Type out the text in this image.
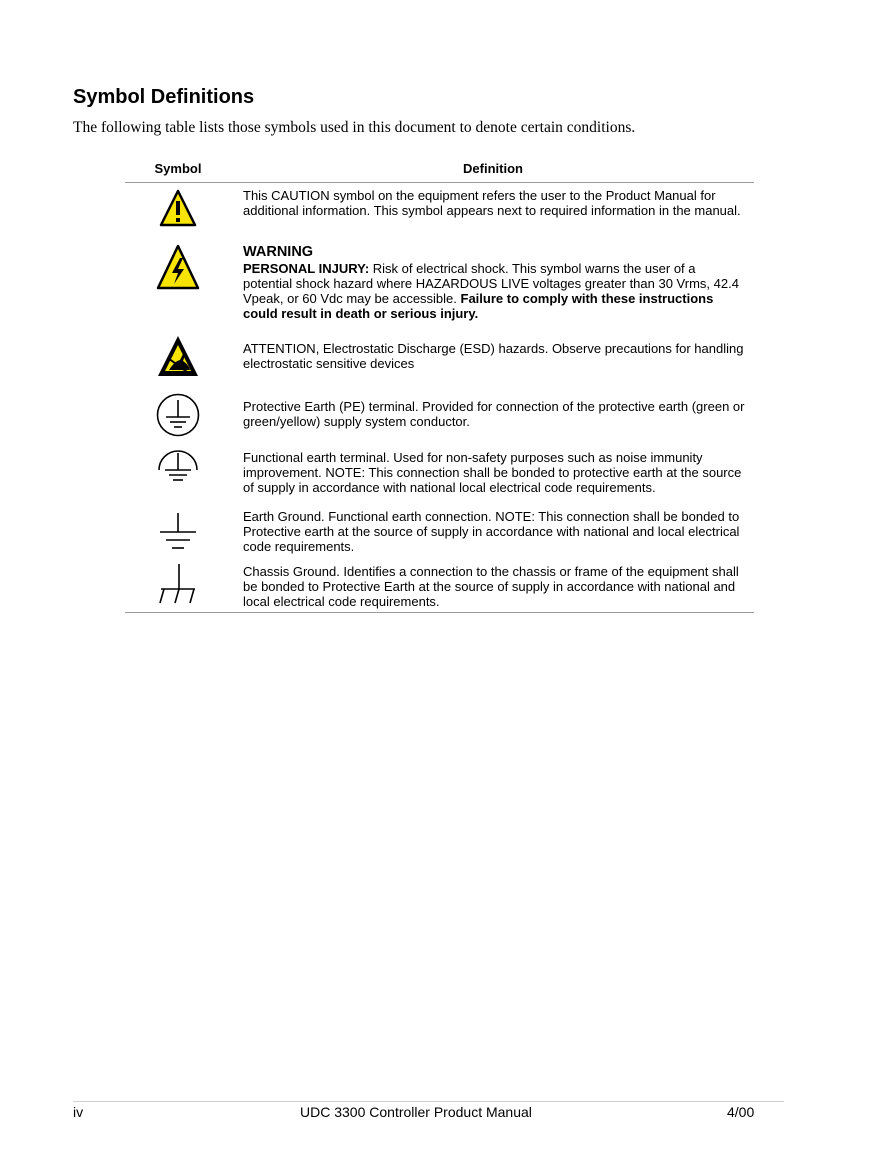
Symbol Definitions

The following table lists those symbols used in this document to denote certain conditions.

Symbol	Definition
This CAUTION symbol on the equipment refers the user to the Product Manual for additional information. This symbol appears next to required information in the manual.
WARNING
PERSONAL INJURY: Risk of electrical shock. This symbol warns the user of a potential shock hazard where HAZARDOUS LIVE voltages greater than 30 Vrms, 42.4 Vpeak, or 60 Vdc may be accessible. Failure to comply with these instructions could result in death or serious injury.
ATTENTION, Electrostatic Discharge (ESD) hazards. Observe precautions for handling electrostatic sensitive devices
Protective Earth (PE) terminal. Provided for connection of the protective earth (green or green/yellow) supply system conductor.
Functional earth terminal. Used for non-safety purposes such as noise immunity improvement. NOTE: This connection shall be bonded to protective earth at the source of supply in accordance with national local electrical code requirements.
Earth Ground. Functional earth connection. NOTE: This connection shall be bonded to Protective earth at the source of supply in accordance with national and local electrical code requirements.
Chassis Ground. Identifies a connection to the chassis or frame of the equipment shall be bonded to Protective Earth at the source of supply in accordance with national and local electrical code requirements.
iv	UDC 3300 Controller Product Manual	4/00
